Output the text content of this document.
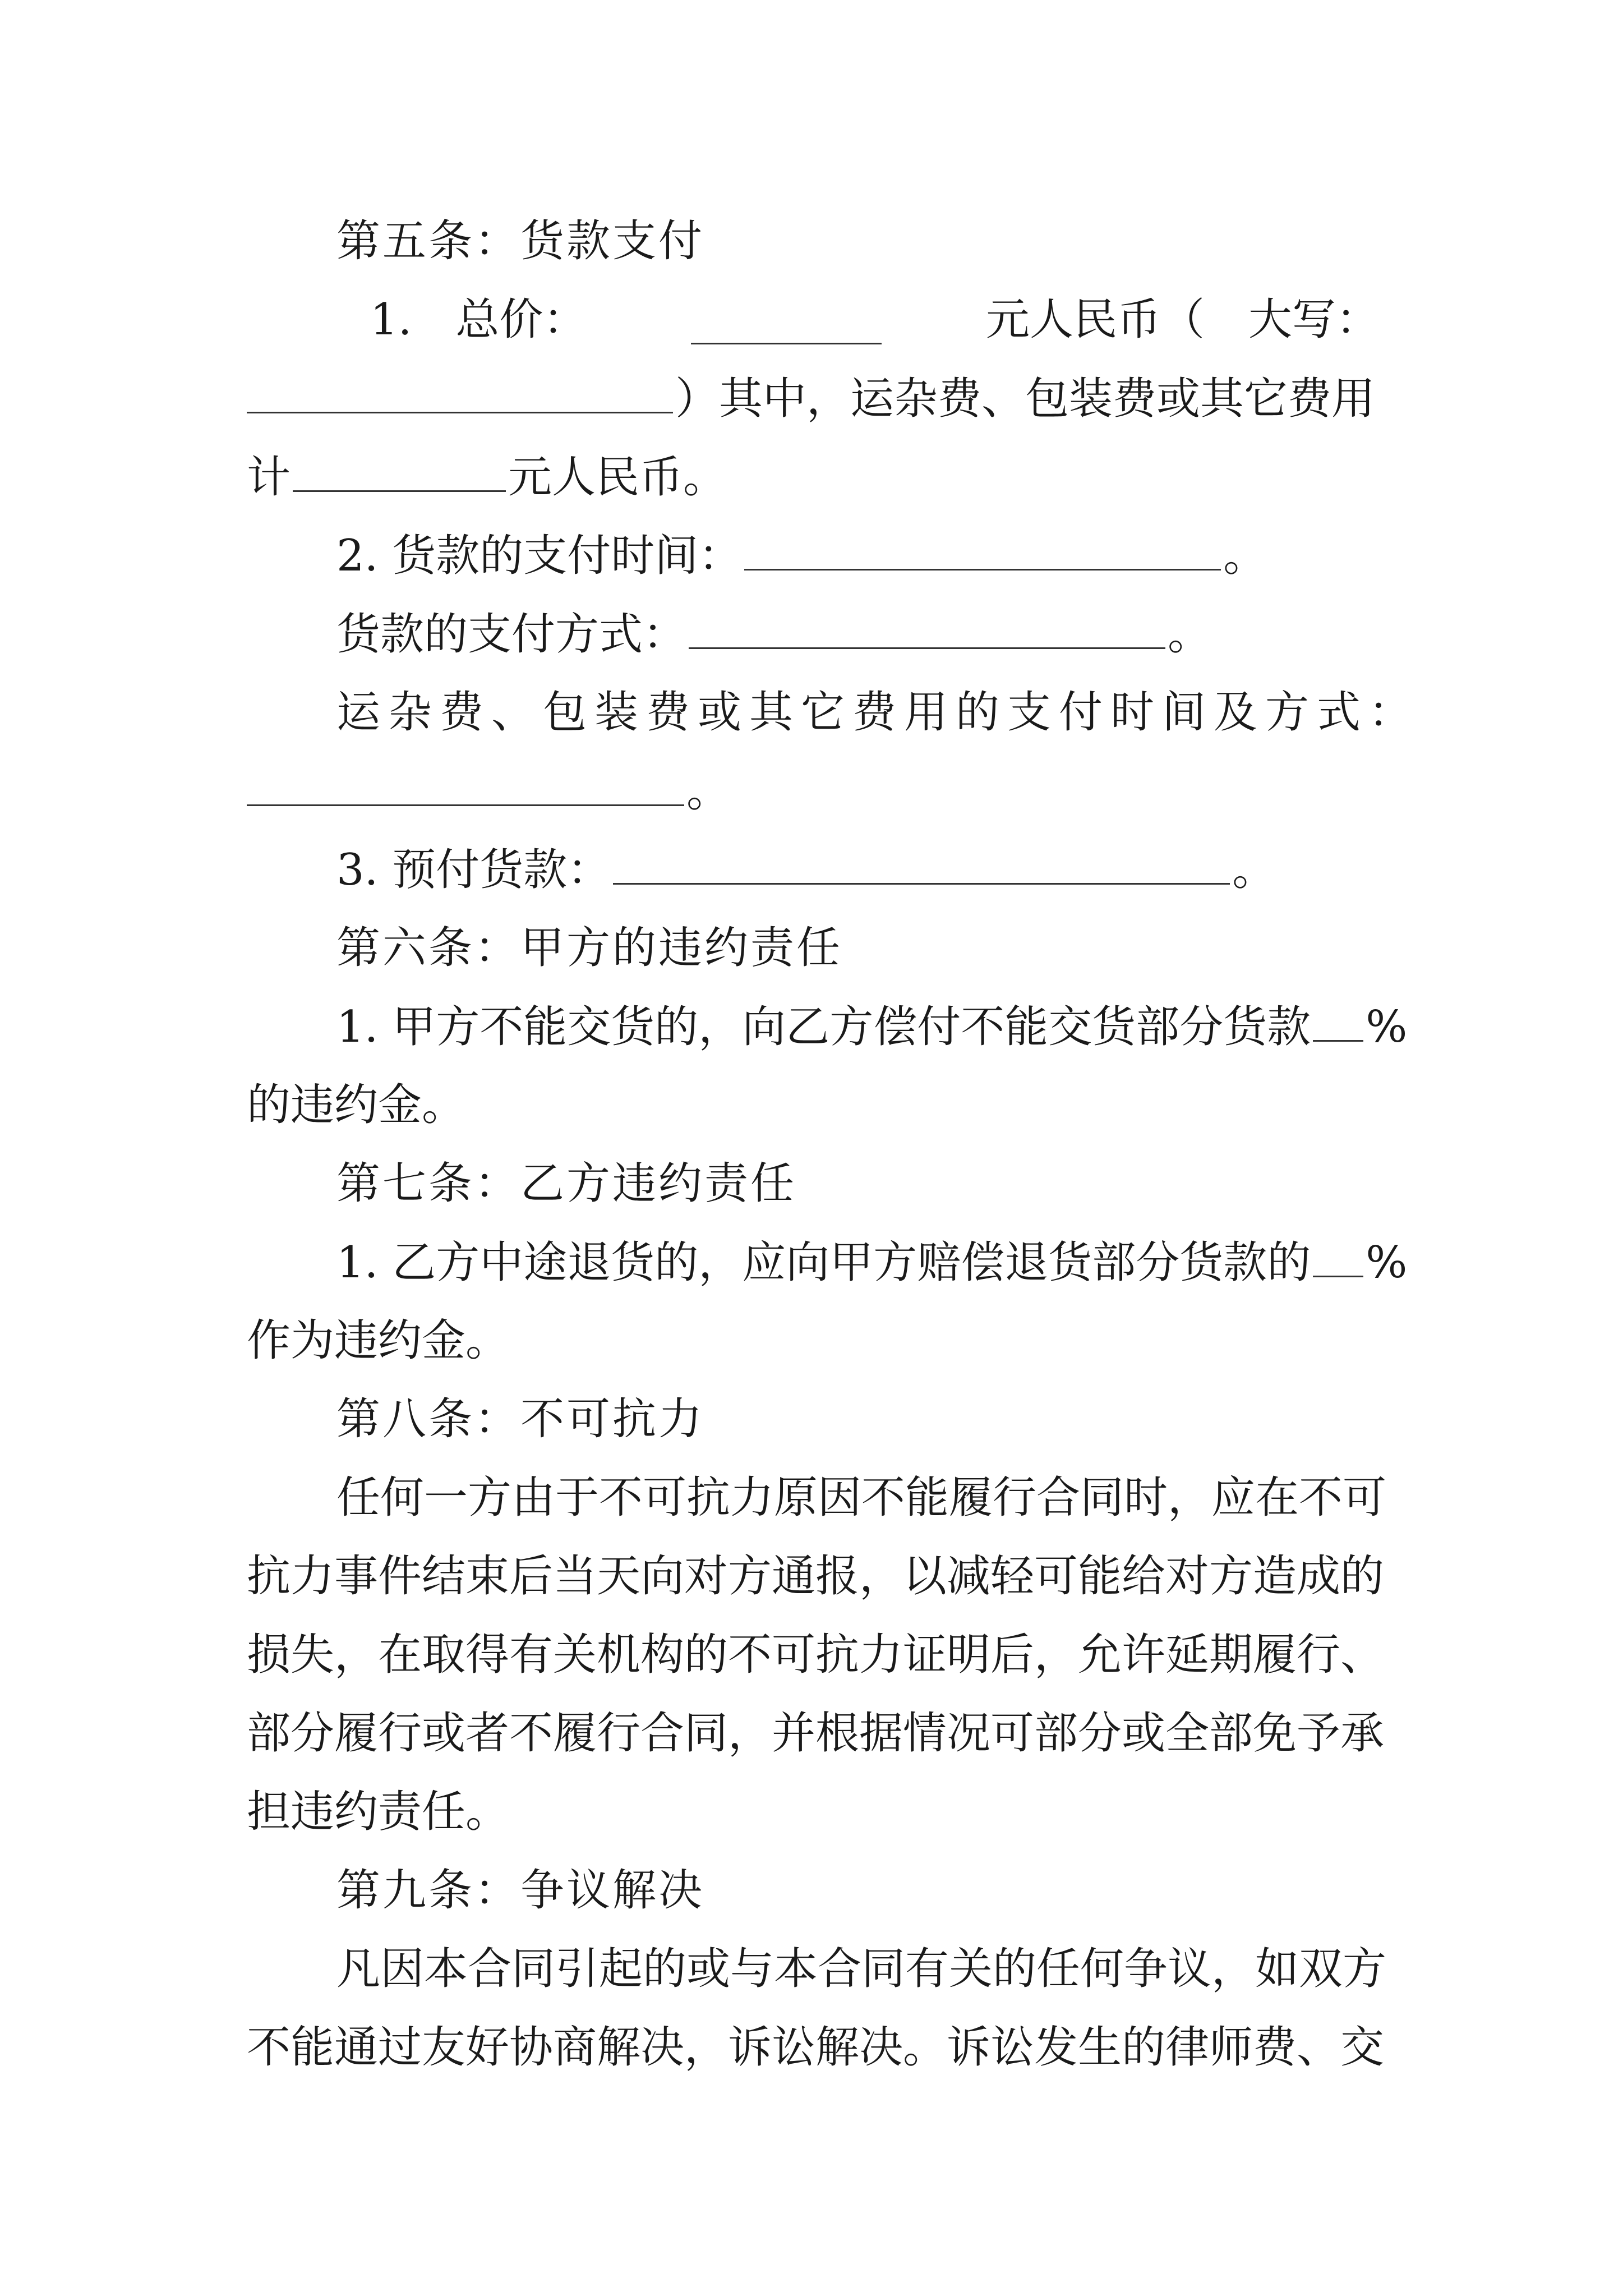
第五条：货款支付
1.　总价：	元人民币（　大写：
）其中，运杂费、包装费或其它费用
计	元人民币。
2. 货款的支付时间：	。
货款的支付方式：	。
运杂费、包装费或其它费用的支付时间及方式：
。
3. 预付货款：	。
第六条：甲方的违约责任
1. 甲方不能交货的，向乙方偿付不能交货部分货款 %
的违约金。
第七条：乙方违约责任
1. 乙方中途退货的，应向甲方赔偿退货部分货款的 %
作为违约金。
第八条：不可抗力
任何一方由于不可抗力原因不能履行合同时，应在不可
抗力事件结束后当天向对方通报，以减轻可能给对方造成的
损失，在取得有关机构的不可抗力证明后，允许延期履行、
部分履行或者不履行合同，并根据情况可部分或全部免予承
担违约责任。
第九条：争议解决
凡因本合同引起的或与本合同有关的任何争议，如双方
不能通过友好协商解决，诉讼解决。诉讼发生的律师费、交
